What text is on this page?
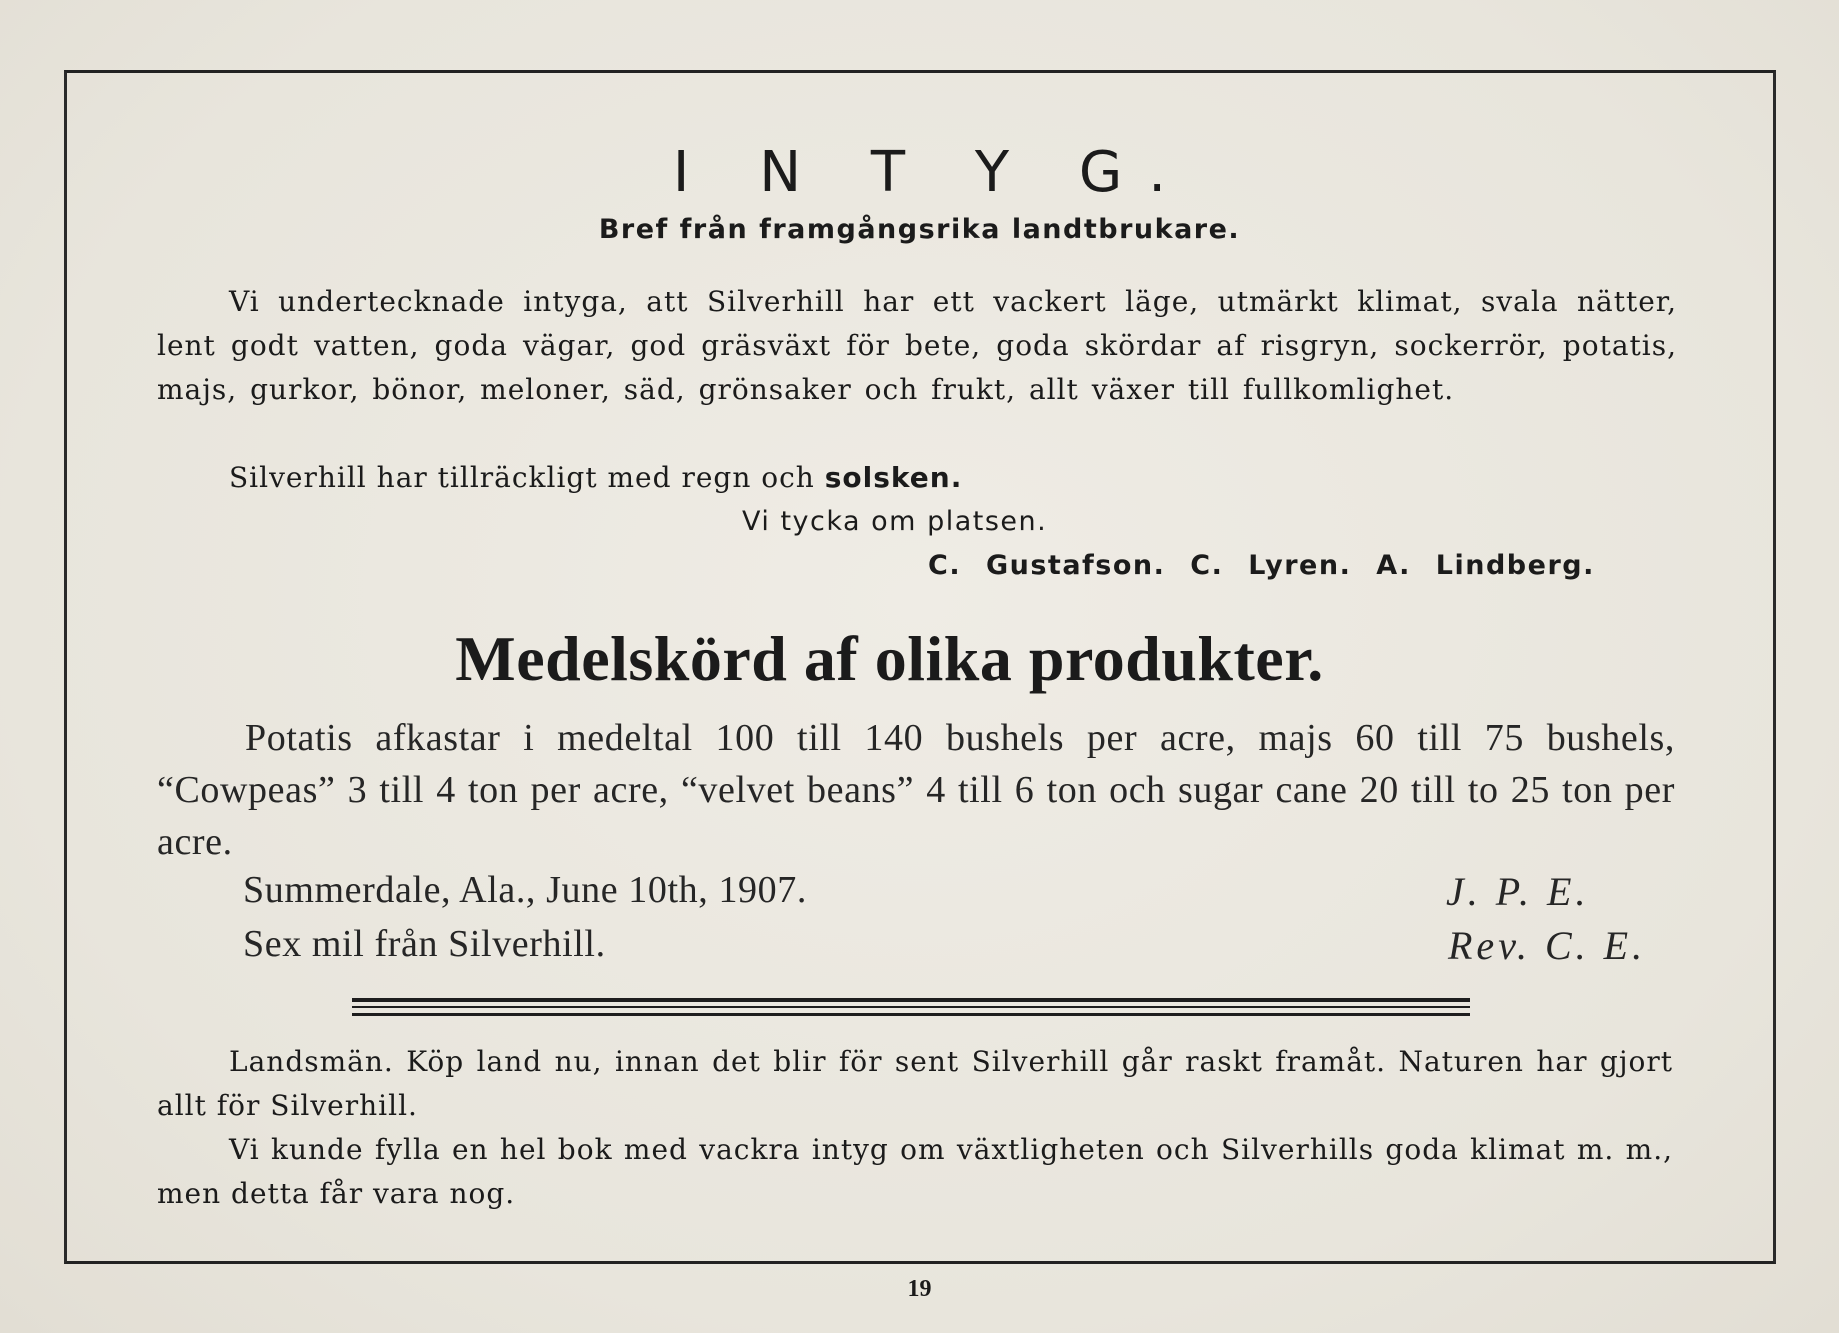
I N T Y G.
Bref från framgångsrika landtbrukare.

Vi undertecknade intyga, att Silverhill har ett vackert läge, utmärkt klimat, svala nätter, lent godt vatten, goda vägar, god gräsväxt för bete, goda skördar af risgryn, sockerrör, potatis, majs, gurkor, bönor, meloner, säd, grönsaker och frukt, allt växer till fullkomlighet.

Silverhill har tillräckligt med regn och solsken.
Vi tycka om platsen.
C. Gustafson. C. Lyren. A. Lindberg.
Medelskörd af olika produkter.

Potatis afkastar i medeltal 100 till 140 bushels per acre, majs 60 till 75 bushels, “Cowpeas” 3 till 4 ton per acre, “velvet beans” 4 till 6 ton och sugar cane 20 till to 25 ton per acre.

Summerdale, Ala., June 10th, 1907.
Sex mil från Silverhill.
J. P. E.
Rev. C. E.

Landsmän. Köp land nu, innan det blir för sent Silverhill går raskt framåt. Naturen har gjort allt för Silverhill.

Vi kunde fylla en hel bok med vackra intyg om växtligheten och Silverhills goda klimat m. m., men detta får vara nog.

19
